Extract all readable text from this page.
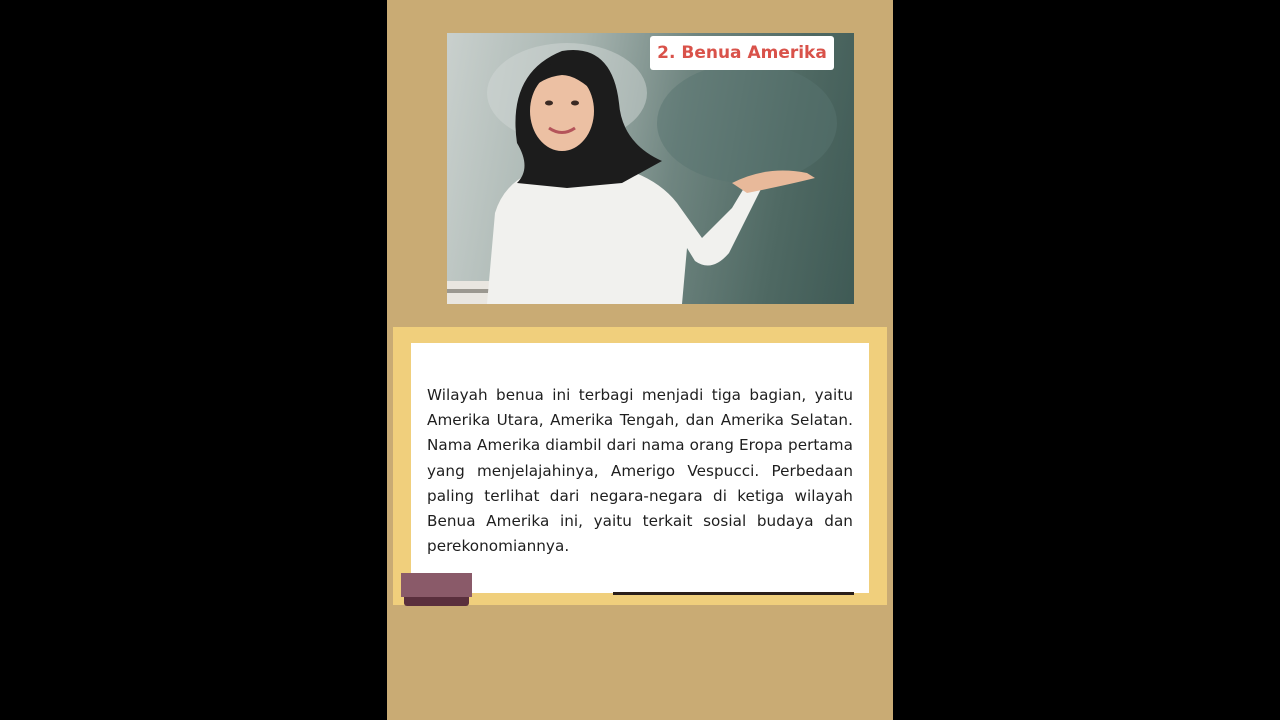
2. Benua Amerika

Wilayah benua ini terbagi menjadi tiga bagian, yaitu Amerika Utara, Amerika Tengah, dan Amerika Selatan. Nama Amerika diambil dari nama orang Eropa pertama yang menjelajahinya, Amerigo Vespucci. Perbedaan paling terlihat dari negara-negara di ketiga wilayah Benua Amerika ini, yaitu terkait sosial budaya dan perekonomiannya.
